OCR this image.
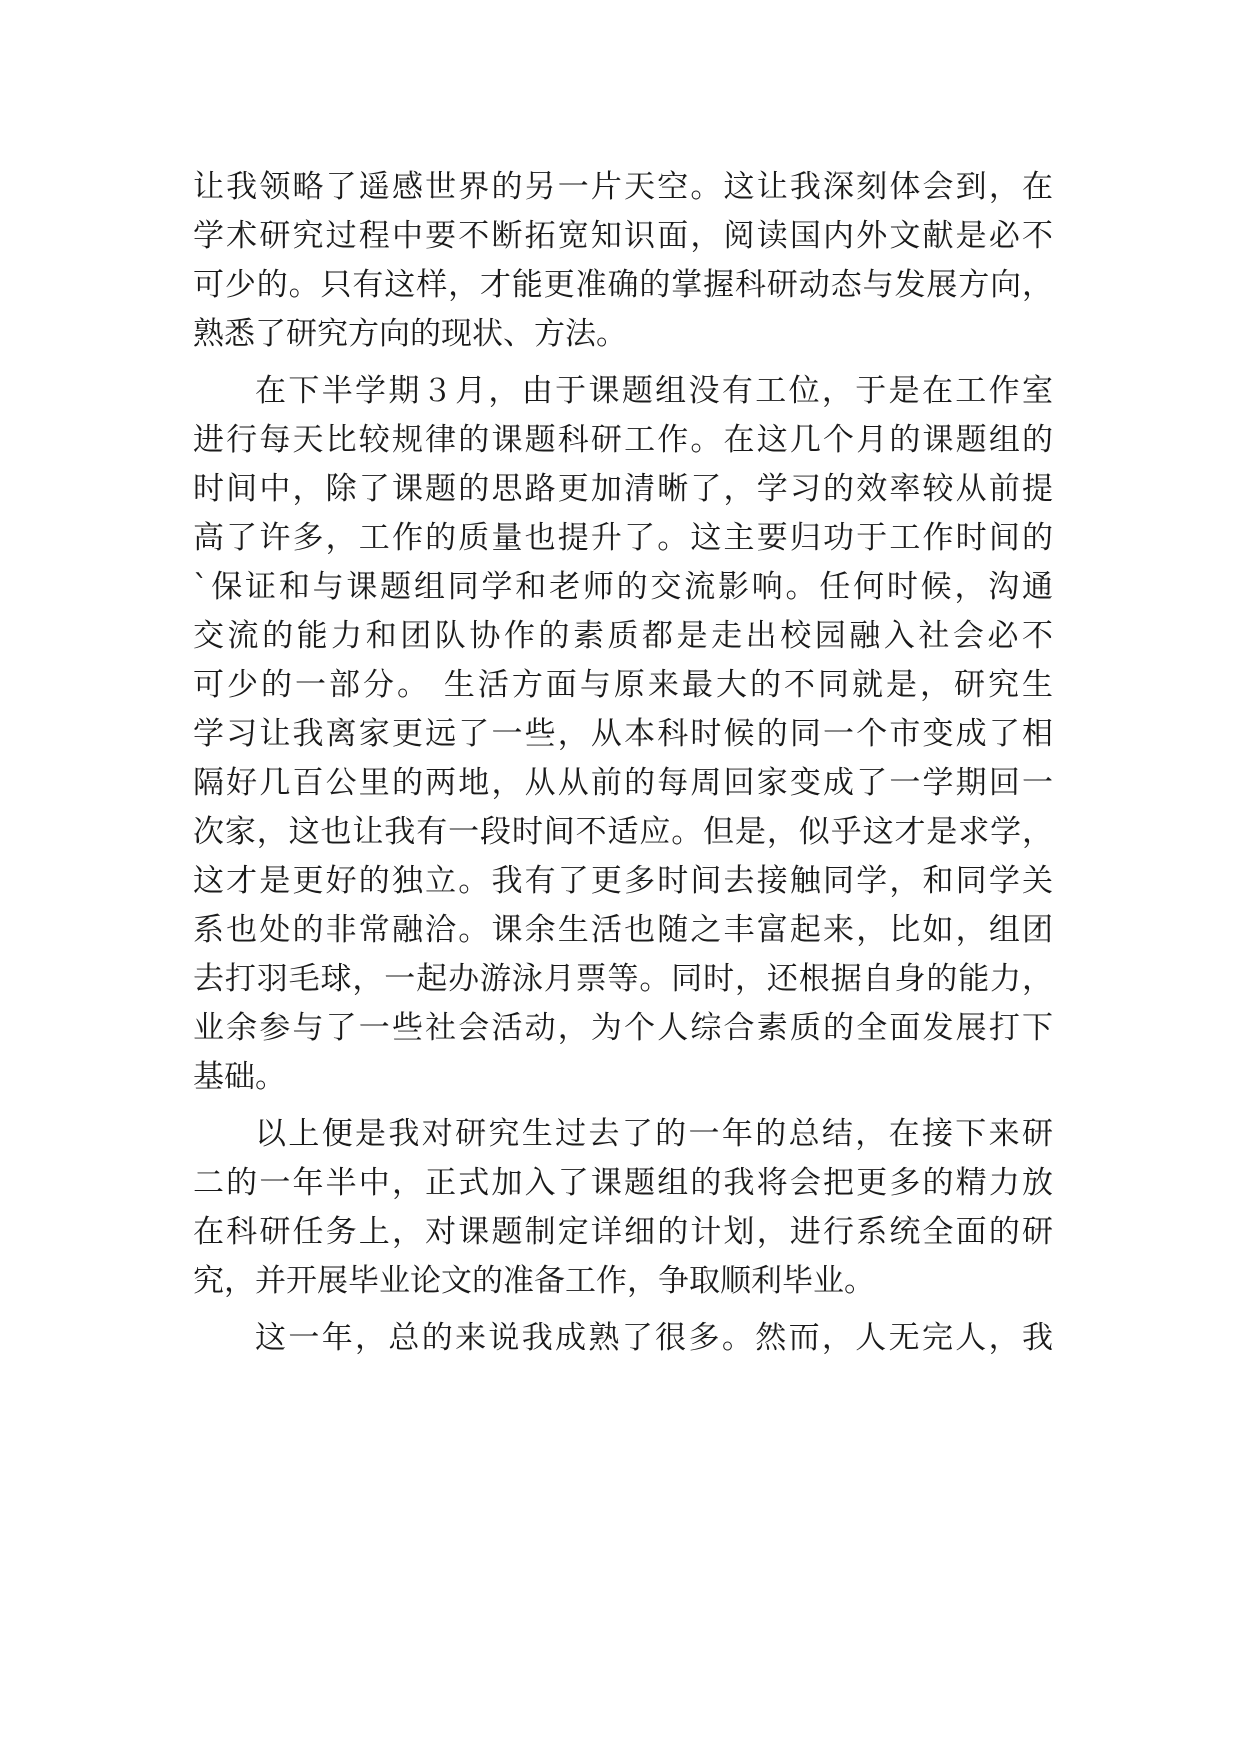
让我领略了遥感世界的另一片天空。这让我深刻体会到，在
学术研究过程中要不断拓宽知识面，阅读国内外文献是必不
可少的。只有这样，才能更准确的掌握科研动态与发展方向，
熟悉了研究方向的现状、方法。
在下半学期３月，由于课题组没有工位，于是在工作室
进行每天比较规律的课题科研工作。在这几个月的课题组的
时间中，除了课题的思路更加清晰了，学习的效率较从前提
高了许多，工作的质量也提升了。这主要归功于工作时间的
`保证和与课题组同学和老师的交流影响。任何时候，沟通
交流的能力和团队协作的素质都是走出校园融入社会必不
可少的一部分。 生活方面与原来最大的不同就是，研究生
学习让我离家更远了一些，从本科时候的同一个市变成了相
隔好几百公里的两地，从从前的每周回家变成了一学期回一
次家，这也让我有一段时间不适应。但是，似乎这才是求学，
这才是更好的独立。我有了更多时间去接触同学，和同学关
系也处的非常融洽。课余生活也随之丰富起来，比如，组团
去打羽毛球，一起办游泳月票等。同时，还根据自身的能力，
业余参与了一些社会活动，为个人综合素质的全面发展打下
基础。
以上便是我对研究生过去了的一年的总结，在接下来研
二的一年半中，正式加入了课题组的我将会把更多的精力放
在科研任务上，对课题制定详细的计划，进行系统全面的研
究，并开展毕业论文的准备工作，争取顺利毕业。
这一年，总的来说我成熟了很多。然而，人无完人，我
